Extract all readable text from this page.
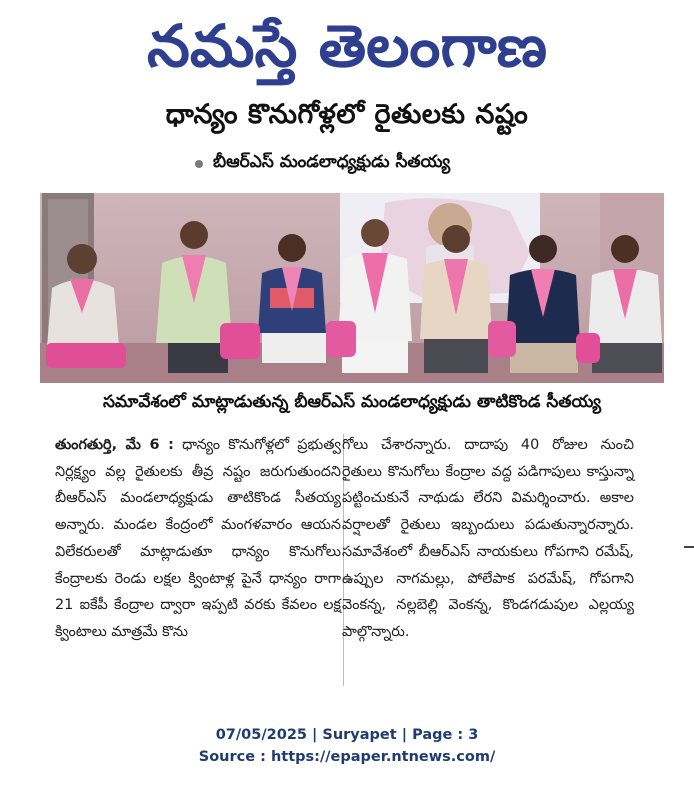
నమస్తే తెలంగాణ
ధాన్యం కొనుగోళ్లలో రైతులకు నష్టం
బీఆర్ఎస్ మండలాధ్యక్షుడు సీతయ్య
సమావేశంలో మాట్లాడుతున్న బీఆర్ఎస్ మండలాధ్యక్షుడు తాటికొండ సీతయ్య

తుంగతుర్తి, మే 6 : ధాన్యం కొనుగోళ్లలో ప్రభుత్వ నిర్లక్ష్యం వల్ల రైతులకు తీవ్ర నష్టం జరుగుతుందని బీఆర్ఎస్ మండలాధ్యక్షుడు తాటికొండ సీతయ్య అన్నారు. మండల కేంద్రంలో మంగళవారం ఆయన విలేకరులతో మాట్లాడుతూ ధాన్యం కొనుగోలు కేంద్రాలకు రెండు లక్షల క్వింటాళ్ల పైనే ధాన్యం రాగా 21 ఐకేపీ కేంద్రాల ద్వారా ఇప్పటి వరకు కేవలం లక్ష క్వింటాలు మాత్రమే కొను

గోలు చేశారన్నారు. దాదాపు 40 రోజుల నుంచి రైతులు కొనుగోలు కేంద్రాల వద్ద పడిగాపులు కాస్తున్నా పట్టించుకునే నాథుడు లేరని విమర్శించారు. అకాల వర్షాలతో రైతులు ఇబ్బందులు పడుతున్నారన్నారు. సమావేశంలో బీఆర్ఎస్ నాయకులు గోపగాని రమేష్, ఉప్పుల నాగమల్లు, పోలేపాక పరమేష్, గోపగాని వెంకన్న, నల్లబెల్లి వెంకన్న, కొండగడుపుల ఎల్లయ్య పాల్గొన్నారు.

07/05/2025 | Suryapet | Page : 3
Source : https://epaper.ntnews.com/
